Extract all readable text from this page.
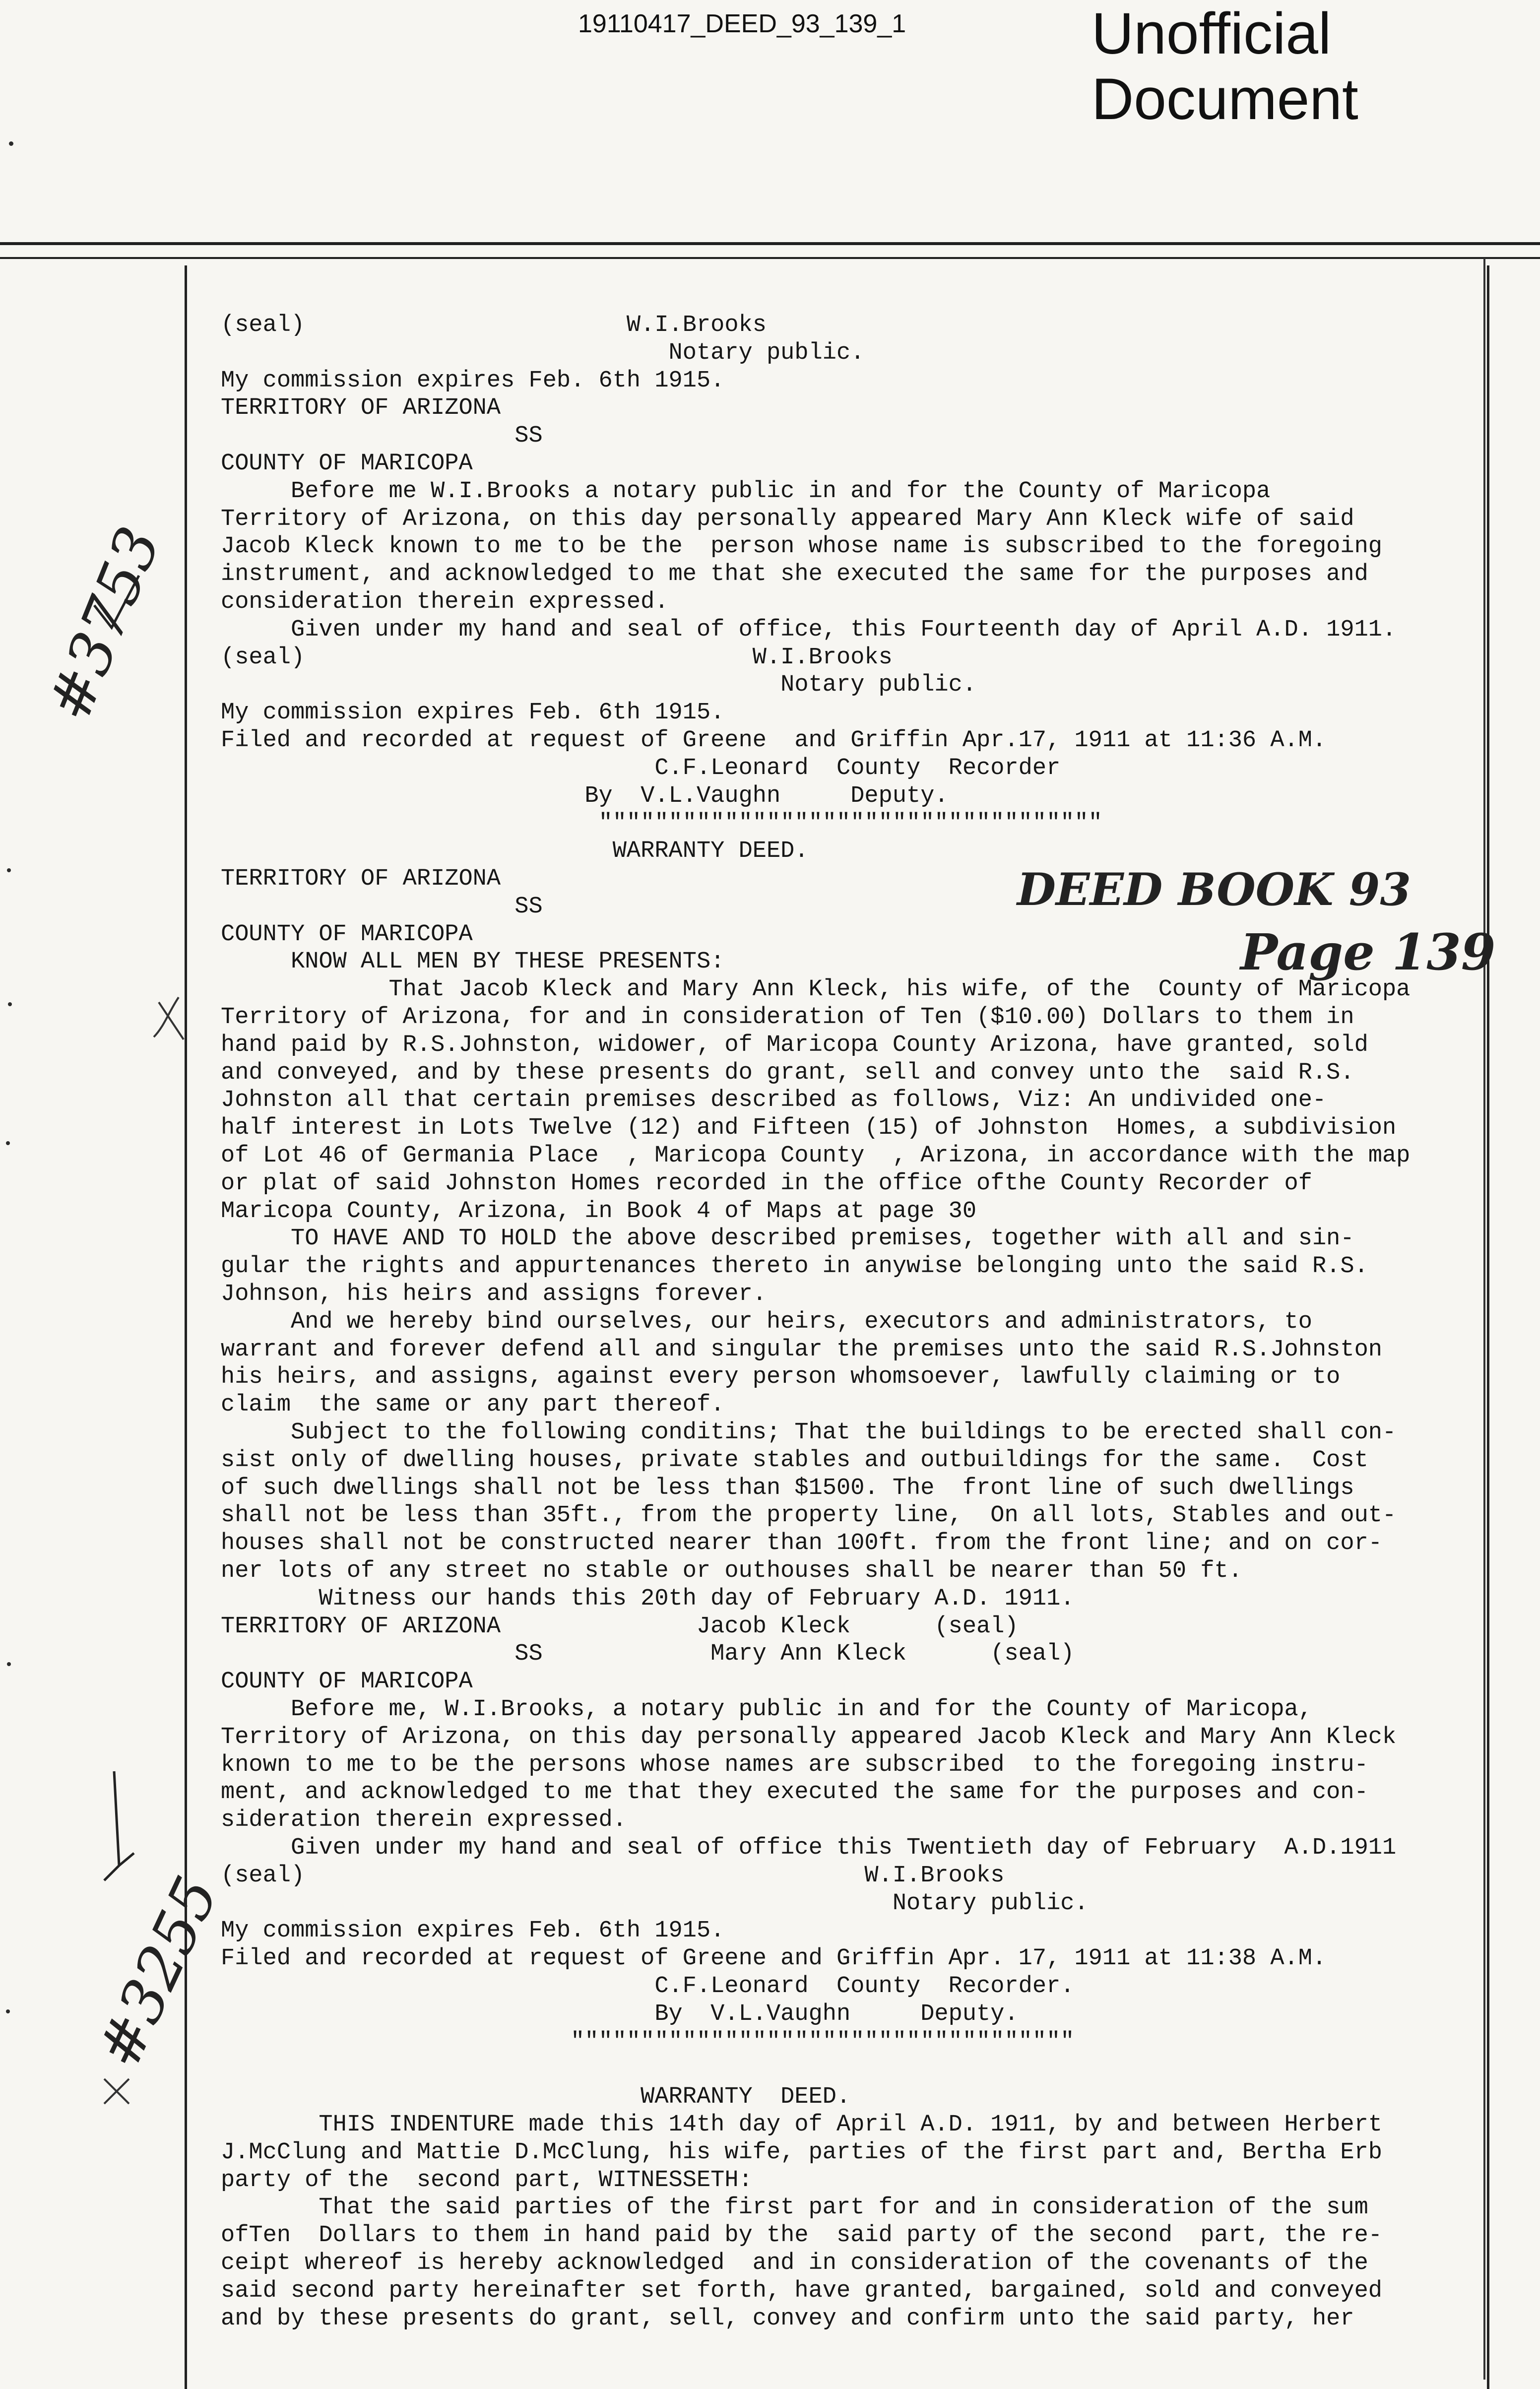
19110417_DEED_93_139_1	Unofficial
Document
(seal)                       W.I.Brooks
Notary public.
My commission expires Feb. 6th 1915.
TERRITORY OF ARIZONA
SS
COUNTY OF MARICOPA
Before me W.I.Brooks a notary public in and for the County of Maricopa
Territory of Arizona, on this day personally appeared Mary Ann Kleck wife of said
Jacob Kleck known to me to be the  person whose name is subscribed to the foregoing
instrument, and acknowledged to me that she executed the same for the purposes and
consideration therein expressed.
Given under my hand and seal of office, this Fourteenth day of April A.D. 1911.
(seal)                                W.I.Brooks
Notary public.
My commission expires Feb. 6th 1915.
Filed and recorded at request of Greene  and Griffin Apr.17, 1911 at 11:36 A.M.
C.F.Leonard  County  Recorder
By  V.L.Vaughn     Deputy.
""""""""""""""""""""""""""""""""""""
WARRANTY DEED.
TERRITORY OF ARIZONA
SS
COUNTY OF MARICOPA
KNOW ALL MEN BY THESE PRESENTS:
That Jacob Kleck and Mary Ann Kleck, his wife, of the  County of Maricopa
Territory of Arizona, for and in consideration of Ten ($10.00) Dollars to them in
hand paid by R.S.Johnston, widower, of Maricopa County Arizona, have granted, sold
and conveyed, and by these presents do grant, sell and convey unto the  said R.S.
Johnston all that certain premises described as follows, Viz: An undivided one-
half interest in Lots Twelve (12) and Fifteen (15) of Johnston  Homes, a subdivision
of Lot 46 of Germania Place  , Maricopa County  , Arizona, in accordance with the map
or plat of said Johnston Homes recorded in the office ofthe County Recorder of
Maricopa County, Arizona, in Book 4 of Maps at page 30
TO HAVE AND TO HOLD the above described premises, together with all and sin-
gular the rights and appurtenances thereto in anywise belonging unto the said R.S.
Johnson, his heirs and assigns forever.
And we hereby bind ourselves, our heirs, executors and administrators, to
warrant and forever defend all and singular the premises unto the said R.S.Johnston
his heirs, and assigns, against every person whomsoever, lawfully claiming or to
claim  the same or any part thereof.
Subject to the following conditins; That the buildings to be erected shall con-
sist only of dwelling houses, private stables and outbuildings for the same.  Cost
of such dwellings shall not be less than $1500. The  front line of such dwellings
shall not be less than 35ft., from the property line,  On all lots, Stables and out-
houses shall not be constructed nearer than 100ft. from the front line; and on cor-
ner lots of any street no stable or outhouses shall be nearer than 50 ft.
Witness our hands this 20th day of February A.D. 1911.
TERRITORY OF ARIZONA              Jacob Kleck      (seal)
SS            Mary Ann Kleck      (seal)
COUNTY OF MARICOPA
Before me, W.I.Brooks, a notary public in and for the County of Maricopa,
Territory of Arizona, on this day personally appeared Jacob Kleck and Mary Ann Kleck
known to me to be the persons whose names are subscribed  to the foregoing instru-
ment, and acknowledged to me that they executed the same for the purposes and con-
sideration therein expressed.
Given under my hand and seal of office this Twentieth day of February  A.D.1911
(seal)                                        W.I.Brooks
Notary public.
My commission expires Feb. 6th 1915.
Filed and recorded at request of Greene and Griffin Apr. 17, 1911 at 11:38 A.M.
C.F.Leonard  County  Recorder.
By  V.L.Vaughn     Deputy.
""""""""""""""""""""""""""""""""""""
WARRANTY  DEED.
THIS INDENTURE made this 14th day of April A.D. 1911, by and between Herbert
J.McClung and Mattie D.McClung, his wife, parties of the first part and, Bertha Erb
party of the  second part, WITNESSETH:
That the said parties of the first part for and in consideration of the sum
ofTen  Dollars to them in hand paid by the  said party of the second  part, the re-
ceipt whereof is hereby acknowledged  and in consideration of the covenants of the
said second party hereinafter set forth, have granted, bargained, sold and conveyed
and by these presents do grant, sell, convey and confirm unto the said party, her
#3753
#3255
DEED BOOK 93
Page 139
